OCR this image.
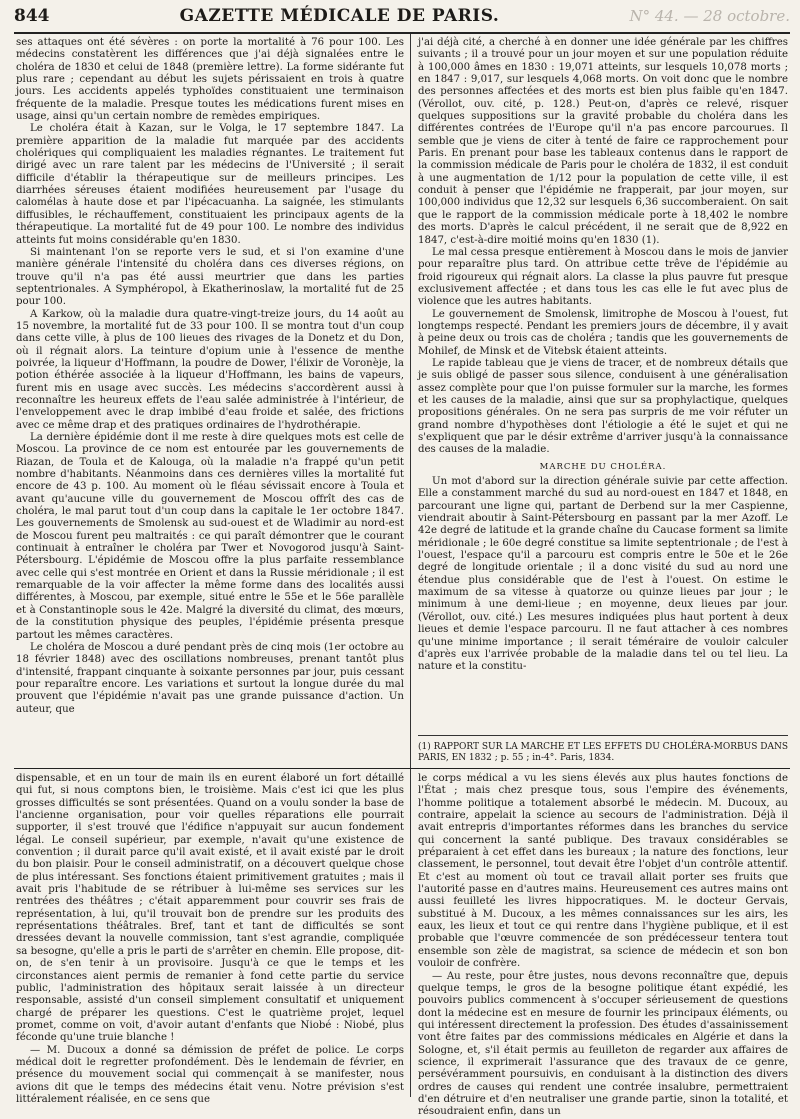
844	GAZETTE MÉDICALE DE PARIS.	N° 44. — 28 octobre.

ses attaques ont été sévères : on porte la mortalité à 76 pour 100. Les médecins constatèrent les différences que j'ai déjà signalées entre le choléra de 1830 et celui de 1848 (première lettre). La forme sidérante fut plus rare ; cependant au début les sujets périssaient en trois à quatre jours. Les accidents appelés typhoïdes constituaient une terminaison fréquente de la maladie. Presque toutes les médications furent mises en usage, ainsi qu'un certain nombre de remèdes empiriques.

Le choléra était à Kazan, sur le Volga, le 17 septembre 1847. La première apparition de la maladie fut marquée par des accidents cholériques qui compliquaient les maladies régnantes. Le traitement fut dirigé avec un rare talent par les médecins de l'Université ; il serait difficile d'établir la thérapeutique sur de meilleurs principes. Les diarrhées séreuses étaient modifiées heureusement par l'usage du calomélas à haute dose et par l'ipécacuanha. La saignée, les stimulants diffusibles, le réchauffement, constituaient les principaux agents de la thérapeutique. La mortalité fut de 49 pour 100. Le nombre des individus atteints fut moins considérable qu'en 1830.

Si maintenant l'on se reporte vers le sud, et si l'on examine d'une manière générale l'intensité du choléra dans ces diverses régions, on trouve qu'il n'a pas été aussi meurtrier que dans les parties septentrionales. A Symphéropol, à Ekatherinoslaw, la mortalité fut de 25 pour 100.

A Karkow, où la maladie dura quatre-vingt-treize jours, du 14 août au 15 novembre, la mortalité fut de 33 pour 100. Il se montra tout d'un coup dans cette ville, à plus de 100 lieues des rivages de la Donetz et du Don, où il régnait alors. La teinture d'opium unie à l'essence de menthe poivrée, la liqueur d'Hoffmann, la poudre de Dower, l'élixir de Voronèje, la potion éthérée associée à la liqueur d'Hoffmann, les bains de vapeurs, furent mis en usage avec succès. Les médecins s'accordèrent aussi à reconnaître les heureux effets de l'eau salée administrée à l'intérieur, de l'enveloppement avec le drap imbibé d'eau froide et salée, des frictions avec ce même drap et des pratiques ordinaires de l'hydrothérapie.

La dernière épidémie dont il me reste à dire quelques mots est celle de Moscou. La province de ce nom est entourée par les gouvernements de Riazan, de Toula et de Kalouga, où la maladie n'a frappé qu'un petit nombre d'habitants. Néanmoins dans ces dernières villes la mortalité fut encore de 43 p. 100. Au moment où le fléau sévissait encore à Toula et avant qu'aucune ville du gouvernement de Moscou offrît des cas de choléra, le mal parut tout d'un coup dans la capitale le 1er octobre 1847. Les gouvernements de Smolensk au sud-ouest et de Wladimir au nord-est de Moscou furent peu maltraités : ce qui paraît démontrer que le courant continuait à entraîner le choléra par Twer et Novogorod jusqu'à Saint-Pétersbourg. L'épidémie de Moscou offre la plus parfaite ressemblance avec celle qui s'est montrée en Orient et dans la Russie méridionale ; il est remarquable de la voir affecter la même forme dans des localités aussi différentes, à Moscou, par exemple, situé entre le 55e et le 56e parallèle et à Constantinople sous le 42e. Malgré la diversité du climat, des mœurs, de la constitution physique des peuples, l'épidémie présenta presque partout les mêmes caractères.

Le choléra de Moscou a duré pendant près de cinq mois (1er octobre au 18 février 1848) avec des oscillations nombreuses, prenant tantôt plus d'intensité, frappant cinquante à soixante personnes par jour, puis cessant pour reparaître encore. Les variations et surtout la longue durée du mal prouvent que l'épidémie n'avait pas une grande puissance d'action. Un auteur, que

j'ai déjà cité, a cherché à en donner une idée générale par les chiffres suivants ; il a trouvé pour un jour moyen et sur une population réduite à 100,000 âmes en 1830 : 19,071 atteints, sur lesquels 10,078 morts ; en 1847 : 9,017, sur lesquels 4,068 morts. On voit donc que le nombre des personnes affectées et des morts est bien plus faible qu'en 1847. (Vérollot, ouv. cité, p. 128.) Peut-on, d'après ce relevé, risquer quelques suppositions sur la gravité probable du choléra dans les différentes contrées de l'Europe qu'il n'a pas encore parcourues. Il semble que je viens de citer à tenté de faire ce rapprochement pour Paris. En prenant pour base les tableaux contenus dans le rapport de la commission médicale de Paris pour le choléra de 1832, il est conduit à une augmentation de 1/12 pour la population de cette ville, il est conduit à penser que l'épidémie ne frapperait, par jour moyen, sur 100,000 individus que 12,32 sur lesquels 6,36 succomberaient. On sait que le rapport de la commission médicale porte à 18,402 le nombre des morts. D'après le calcul précédent, il ne serait que de 8,922 en 1847, c'est-à-dire moitié moins qu'en 1830 (1).

Le mal cessa presque entièrement à Moscou dans le mois de janvier pour reparaître plus tard. On attribue cette trêve de l'épidémie au froid rigoureux qui régnait alors. La classe la plus pauvre fut presque exclusivement affectée ; et dans tous les cas elle le fut avec plus de violence que les autres habitants.

Le gouvernement de Smolensk, limitrophe de Moscou à l'ouest, fut longtemps respecté. Pendant les premiers jours de décembre, il y avait à peine deux ou trois cas de choléra ; tandis que les gouvernements de Mohilef, de Minsk et de Vitebsk étaient atteints.

Le rapide tableau que je viens de tracer, et de nombreux détails que je suis obligé de passer sous silence, conduisent à une généralisation assez complète pour que l'on puisse formuler sur la marche, les formes et les causes de la maladie, ainsi que sur sa prophylactique, quelques propositions générales. On ne sera pas surpris de me voir réfuter un grand nombre d'hypothèses dont l'étiologie a été le sujet et qui ne s'expliquent que par le désir extrême d'arriver jusqu'à la connaissance des causes de la maladie.

MARCHE DU CHOLÉRA.

Un mot d'abord sur la direction générale suivie par cette affection. Elle a constamment marché du sud au nord-ouest en 1847 et 1848, en parcourant une ligne qui, partant de Derbend sur la mer Caspienne, viendrait aboutir à Saint-Pétersbourg en passant par la mer Azoff. Le 42e degré de latitude et la grande chaîne du Caucase forment sa limite méridionale ; le 60e degré constitue sa limite septentrionale ; de l'est à l'ouest, l'espace qu'il a parcouru est compris entre le 50e et le 26e degré de longitude orientale ; il a donc visité du sud au nord une étendue plus considérable que de l'est à l'ouest. On estime le maximum de sa vitesse à quatorze ou quinze lieues par jour ; le minimum à une demi-lieue ; en moyenne, deux lieues par jour. (Vérollot, ouv. cité.) Les mesures indiquées plus haut portent à deux lieues et demie l'espace parcouru. Il ne faut attacher à ces nombres qu'une minime importance ; il serait téméraire de vouloir calculer d'après eux l'arrivée probable de la maladie dans tel ou tel lieu. La nature et la constitu-

(1) RAPPORT SUR LA MARCHE ET LES EFFETS DU CHOLÉRA-MORBUS DANS PARIS, EN 1832 ; p. 55 ; in-4°. Paris, 1834.

dispensable, et en un tour de main ils en eurent élaboré un fort détaillé qui fut, si nous comptons bien, le troisième. Mais c'est ici que les plus grosses difficultés se sont présentées. Quand on a voulu sonder la base de l'ancienne organisation, pour voir quelles réparations elle pourrait supporter, il s'est trouvé que l'édifice n'appuyait sur aucun fondement légal. Le conseil supérieur, par exemple, n'avait qu'une existence de convention ; il durait parce qu'il avait existé, et il avait existé par le droit du bon plaisir. Pour le conseil administratif, on a découvert quelque chose de plus intéressant. Ses fonctions étaient primitivement gratuites ; mais il avait pris l'habitude de se rétribuer à lui-même ses services sur les rentrées des théâtres ; c'était apparemment pour couvrir ses frais de représentation, à lui, qu'il trouvait bon de prendre sur les produits des représentations théâtrales. Bref, tant et tant de difficultés se sont dressées devant la nouvelle commission, tant s'est agrandie, compliquée sa besogne, qu'elle a pris le parti de s'arrêter en chemin. Elle propose, dit-on, de s'en tenir à un provisoire. Jusqu'à ce que le temps et les circonstances aient permis de remanier à fond cette partie du service public, l'administration des hôpitaux serait laissée à un directeur responsable, assisté d'un conseil simplement consultatif et uniquement chargé de préparer les questions. C'est le quatrième projet, lequel promet, comme on voit, d'avoir autant d'enfants que Niobé : Niobé, plus féconde qu'une truie blanche !

— M. Ducoux a donné sa démission de préfet de police. Le corps médical doit le regretter profondément. Dès le lendemain de février, en présence du mouvement social qui commençait à se manifester, nous avions dit que le temps des médecins était venu. Notre prévision s'est littéralement réalisée, en ce sens que

le corps médical a vu les siens élevés aux plus hautes fonctions de l'État ; mais chez presque tous, sous l'empire des événements, l'homme politique a totalement absorbé le médecin. M. Ducoux, au contraire, appelait la science au secours de l'administration. Déjà il avait entrepris d'importantes réformes dans les branches du service qui concernent la santé publique. Des travaux considérables se préparaient à cet effet dans les bureaux ; la nature des fonctions, leur classement, le personnel, tout devait être l'objet d'un contrôle attentif. Et c'est au moment où tout ce travail allait porter ses fruits que l'autorité passe en d'autres mains. Heureusement ces autres mains ont aussi feuilleté les livres hippocratiques. M. le docteur Gervais, substitué à M. Ducoux, a les mêmes connaissances sur les airs, les eaux, les lieux et tout ce qui rentre dans l'hygiène publique, et il est probable que l'œuvre commencée de son prédécesseur tentera tout ensemble son zèle de magistrat, sa science de médecin et son bon vouloir de confrère.

— Au reste, pour être justes, nous devons reconnaître que, depuis quelque temps, le gros de la besogne politique étant expédié, les pouvoirs publics commencent à s'occuper sérieusement de questions dont la médecine est en mesure de fournir les principaux éléments, ou qui intéressent directement la profession. Des études d'assainissement vont être faites par des commissions médicales en Algérie et dans la Sologne, et, s'il était permis au feuilleton de regarder aux affaires de science, il exprimerait l'assurance que des travaux de ce genre, persévéramment poursuivis, en conduisant à la distinction des divers ordres de causes qui rendent une contrée insalubre, permettraient d'en détruire et d'en neutraliser une grande partie, sinon la totalité, et résoudraient enfin, dans un
